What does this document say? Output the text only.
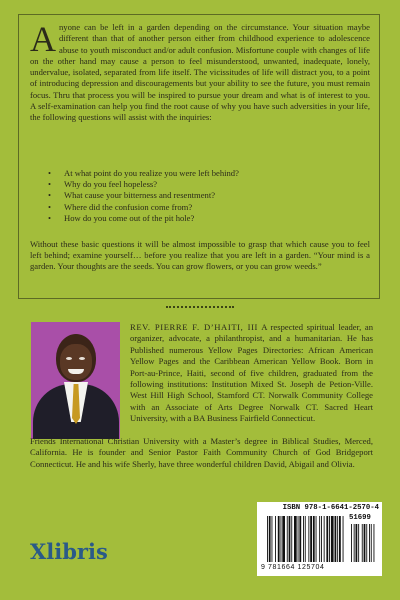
Anyone can be left in a garden depending on the circumstance. Your situation maybe different than that of another person either from childhood experience to adolescence abuse to youth misconduct and/or adult confusion. Misfortune couple with changes of life on the other hand may cause a person to feel misunderstood, unwanted, inadequate, lonely, undervalue, isolated, separated from life itself. The vicissitudes of life will distract you, to a point of introducing depression and discouragements but your ability to see the future, you must remain focus. Thru that process you will be inspired to pursue your dream and what is of interest to you. A self-examination can help you find the root cause of why you have such adversities in your life, the following questions will assist with the inquiries:

• At what point do you realize you were left behind?
• Why do you feel hopeless?
• What cause your bitterness and resentment?
• Where did the confusion come from?
• How do you come out of the pit hole?

Without these basic questions it will be almost impossible to grasp that which cause you to feel left behind; examine yourself… before you realize that you are left in a garden. “Your mind is a garden. Your thoughts are the seeds. You can grow flowers, or you can grow weeds.”

REV. PIERRE F. D’HAITI, III A respected spiritual leader, an organizer, advocate, a philanthropist, and a humanitarian. He has Published numerous Yellow Pages Directories: African American Yellow Pages and the Caribbean American Yellow Book. Born in Port-au-Prince, Haiti, second of five children, graduated from the following institutions: Institution Mixed St. Joseph de Petion-Ville. West Hill High School, Stamford CT. Norwalk Community College with an Associate of Arts Degree Norwalk CT. Sacred Heart University, with a BA Business Fairfield Connecticut.

Friends International Christian University with a Master’s degree in Biblical Studies, Merced, California. He is founder and Senior Pastor Faith Community Church of God Bridgeport Connecticut. He and his wife Sherly, have three wonderful children David, Abigail and Olivia.

Xlibris
ISBN 978-1-6641-2570-4
51699
9 781664 125704
